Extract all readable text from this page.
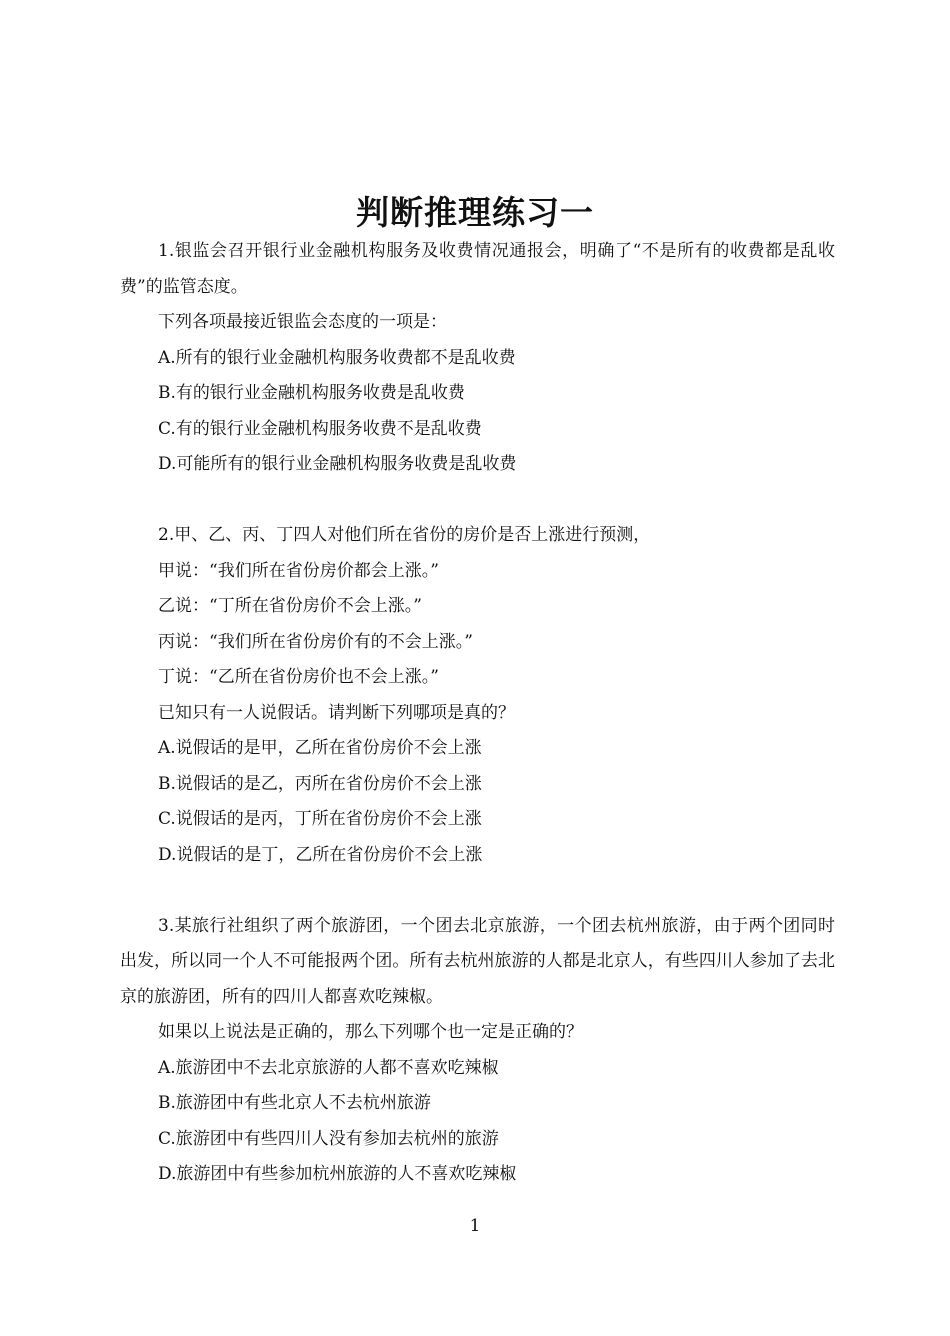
判断推理练习一

1.银监会召开银行业金融机构服务及收费情况通报会，明确了“不是所有的收费都是乱收费”的监管态度。

下列各项最接近银监会态度的一项是：

A.所有的银行业金融机构服务收费都不是乱收费

B.有的银行业金融机构服务收费是乱收费

C.有的银行业金融机构服务收费不是乱收费

D.可能所有的银行业金融机构服务收费是乱收费

2.甲、乙、丙、丁四人对他们所在省份的房价是否上涨进行预测，

甲说：“我们所在省份房价都会上涨。”

乙说：“丁所在省份房价不会上涨。”

丙说：“我们所在省份房价有的不会上涨。”

丁说：“乙所在省份房价也不会上涨。”

已知只有一人说假话。请判断下列哪项是真的？

A.说假话的是甲，乙所在省份房价不会上涨

B.说假话的是乙，丙所在省份房价不会上涨

C.说假话的是丙，丁所在省份房价不会上涨

D.说假话的是丁，乙所在省份房价不会上涨

3.某旅行社组织了两个旅游团，一个团去北京旅游，一个团去杭州旅游，由于两个团同时出发，所以同一个人不可能报两个团。所有去杭州旅游的人都是北京人，有些四川人参加了去北京的旅游团，所有的四川人都喜欢吃辣椒。

如果以上说法是正确的，那么下列哪个也一定是正确的？

A.旅游团中不去北京旅游的人都不喜欢吃辣椒

B.旅游团中有些北京人不去杭州旅游

C.旅游团中有些四川人没有参加去杭州的旅游

D.旅游团中有些参加杭州旅游的人不喜欢吃辣椒

1
